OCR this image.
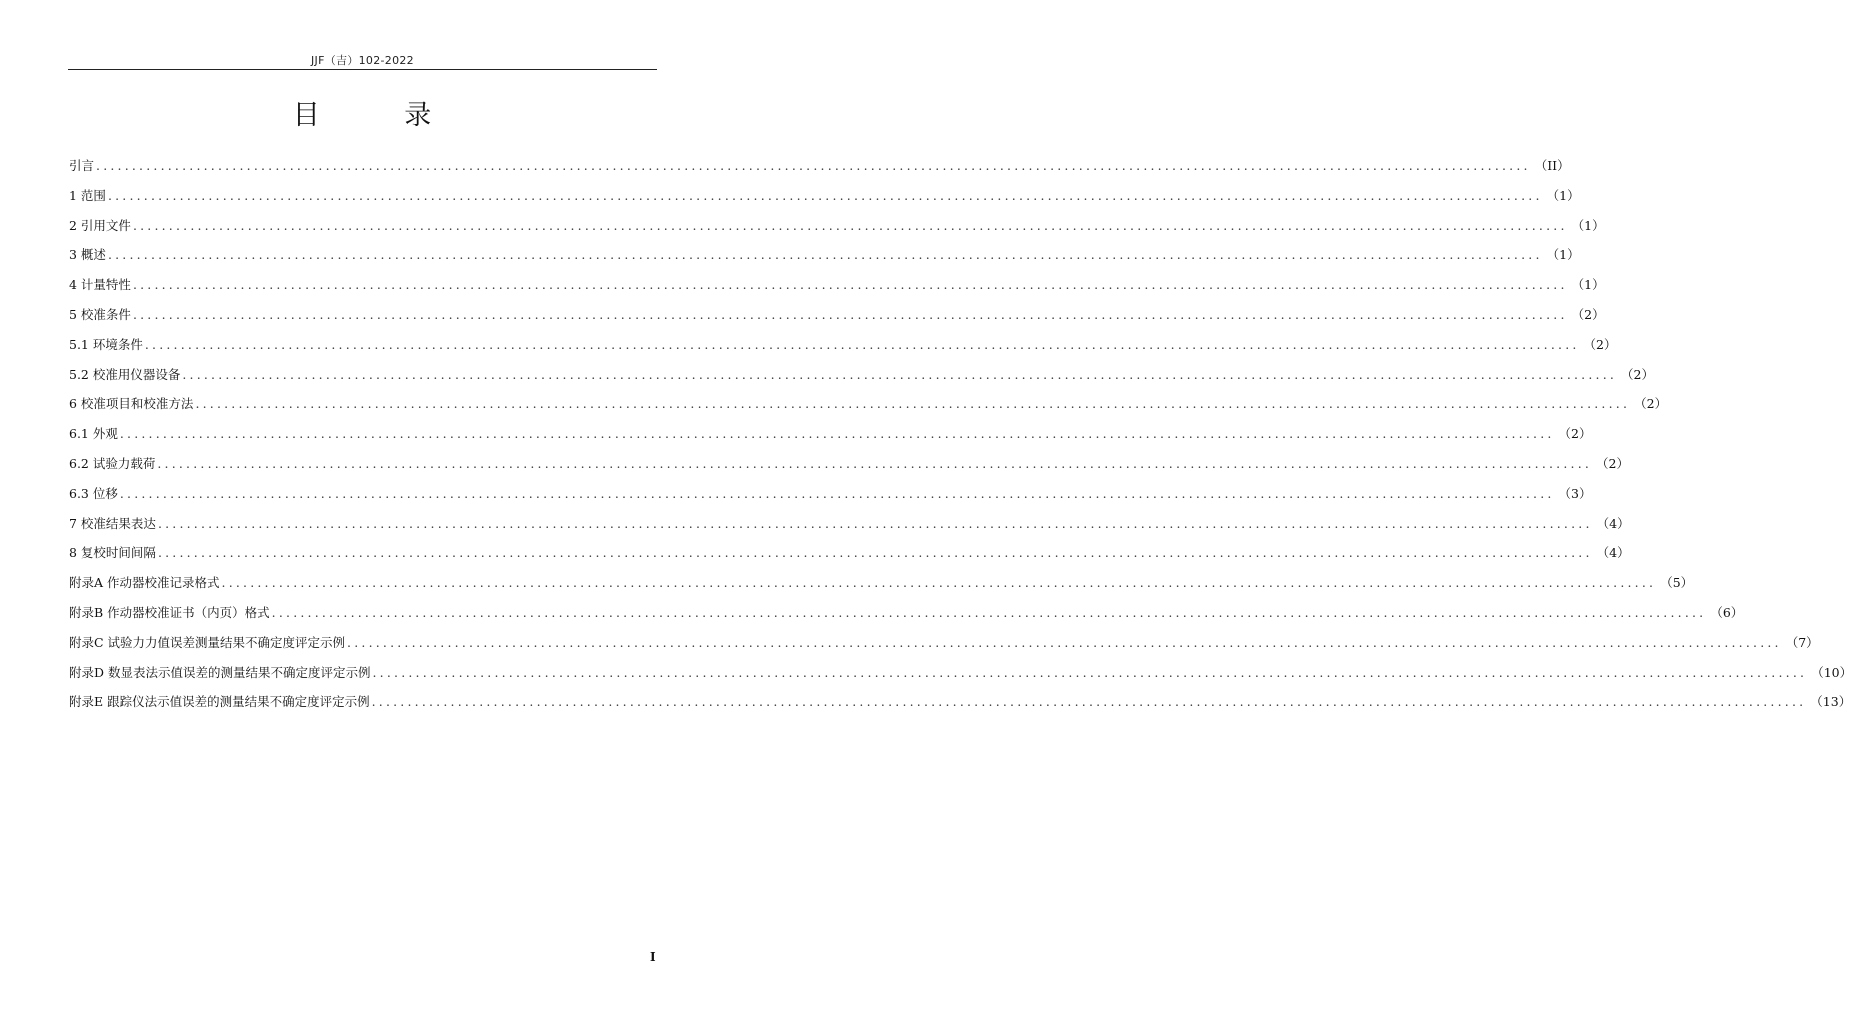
JJF（吉）102-2022
目 录
引言 ........................................................................................................................................................................................................ （II）
1 范围 ........................................................................................................................................................................................................ （1）
2 引用文件 ........................................................................................................................................................................................................ （1）
3 概述 ........................................................................................................................................................................................................ （1）
4 计量特性 ........................................................................................................................................................................................................ （1）
5 校准条件 ........................................................................................................................................................................................................ （2）
5.1 环境条件 ........................................................................................................................................................................................................ （2）
5.2 校准用仪器设备 ........................................................................................................................................................................................................ （2）
6 校准项目和校准方法 ........................................................................................................................................................................................................ （2）
6.1 外观 ........................................................................................................................................................................................................ （2）
6.2 试验力载荷 ........................................................................................................................................................................................................ （2）
6.3 位移 ........................................................................................................................................................................................................ （3）
7 校准结果表达 ........................................................................................................................................................................................................ （4）
8 复校时间间隔 ........................................................................................................................................................................................................ （4）
附录A 作动器校准记录格式 ........................................................................................................................................................................................................ （5）
附录B 作动器校准证书（内页）格式 ........................................................................................................................................................................................................ （6）
附录C 试验力力值误差测量结果不确定度评定示例 ........................................................................................................................................................................................................ （7）
附录D 数显表法示值误差的测量结果不确定度评定示例 ........................................................................................................................................................................................................ （10）
附录E 跟踪仪法示值误差的测量结果不确定度评定示例 ........................................................................................................................................................................................................ （13）
I
